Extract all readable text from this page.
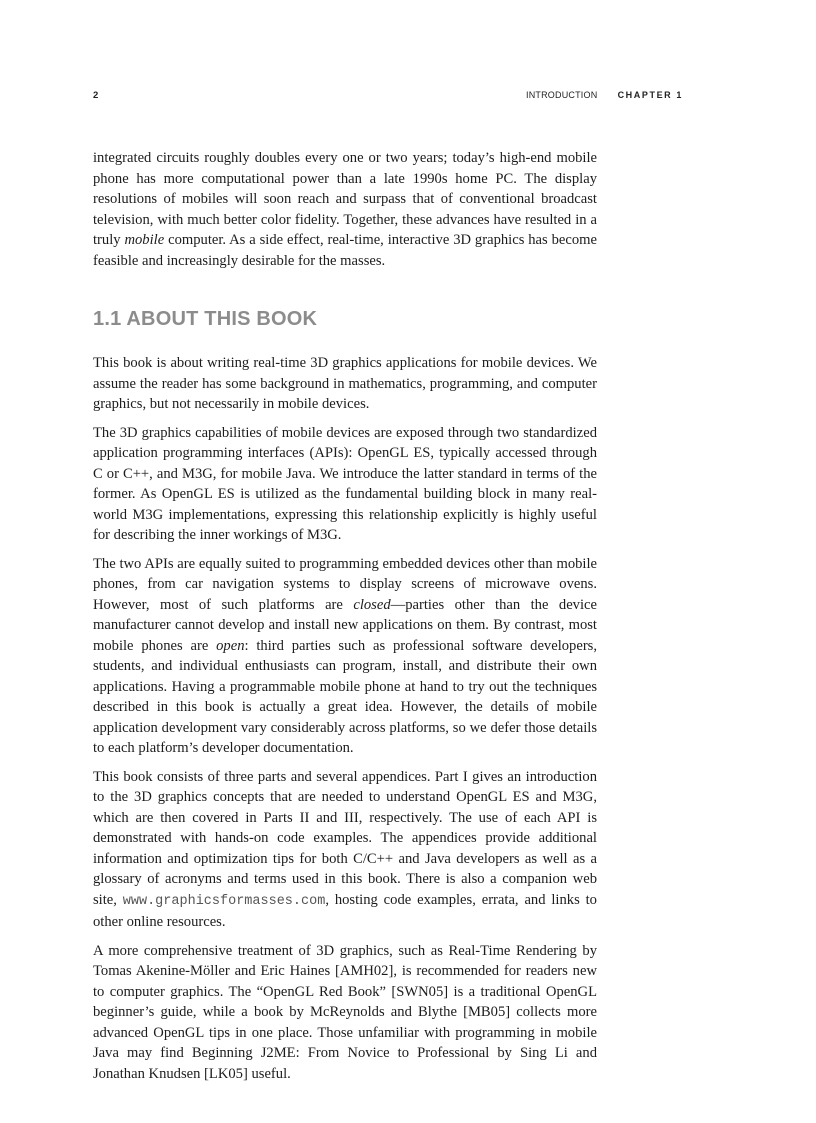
2	INTRODUCTION CHAPTER 1

integrated circuits roughly doubles every one or two years; today’s high-end mobile phone has more computational power than a late 1990s home PC. The display resolutions of mobiles will soon reach and surpass that of conventional broadcast television, with much better color fidelity. Together, these advances have resulted in a truly mobile computer. As a side effect, real-time, interactive 3D graphics has become feasible and increasingly desirable for the masses.

1.1 ABOUT THIS BOOK

This book is about writing real-time 3D graphics applications for mobile devices. We assume the reader has some background in mathematics, programming, and computer graphics, but not necessarily in mobile devices.

The 3D graphics capabilities of mobile devices are exposed through two standardized application programming interfaces (APIs): OpenGL ES, typically accessed through C or C++, and M3G, for mobile Java. We introduce the latter standard in terms of the former. As OpenGL ES is utilized as the fundamental building block in many real-world M3G implementations, expressing this relationship explicitly is highly useful for describing the inner workings of M3G.

The two APIs are equally suited to programming embedded devices other than mobile phones, from car navigation systems to display screens of microwave ovens. However, most of such platforms are closed—parties other than the device manufacturer cannot develop and install new applications on them. By contrast, most mobile phones are open: third parties such as professional software developers, students, and individual enthusiasts can program, install, and distribute their own applications. Having a programmable mobile phone at hand to try out the techniques described in this book is actually a great idea. However, the details of mobile application development vary considerably across platforms, so we defer those details to each platform’s developer documentation.

This book consists of three parts and several appendices. Part I gives an introduction to the 3D graphics concepts that are needed to understand OpenGL ES and M3G, which are then covered in Parts II and III, respectively. The use of each API is demonstrated with hands-on code examples. The appendices provide additional information and optimization tips for both C/C++ and Java developers as well as a glossary of acronyms and terms used in this book. There is also a companion web site, www.graphicsformasses.com, hosting code examples, errata, and links to other online resources.

A more comprehensive treatment of 3D graphics, such as Real-Time Rendering by Tomas Akenine-Möller and Eric Haines [AMH02], is recommended for readers new to computer graphics. The “OpenGL Red Book” [SWN05] is a traditional OpenGL beginner’s guide, while a book by McReynolds and Blythe [MB05] collects more advanced OpenGL tips in one place. Those unfamiliar with programming in mobile Java may find Beginning J2ME: From Novice to Professional by Sing Li and Jonathan Knudsen [LK05] useful.
